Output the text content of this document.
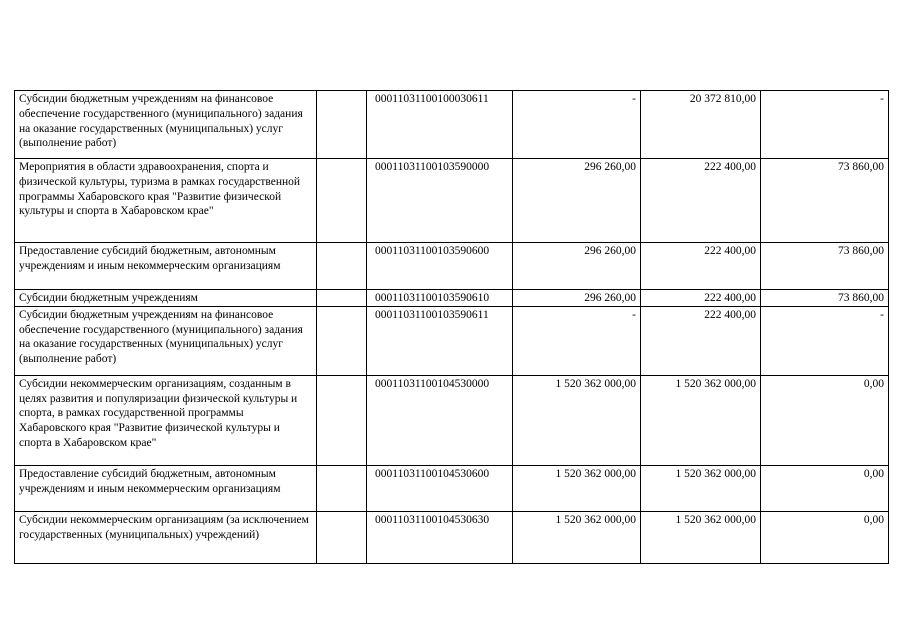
Субсидии бюджетным учреждениям на финансовое обеспечение государственного (муниципального) задания на оказание государственных (муниципальных) услуг (выполнение работ)		00011031100100030611	-	20 372 810,00	-
Мероприятия в области здравоохранения, спорта и физической культуры, туризма в рамках государственной программы Хабаровского края "Развитие физической культуры и спорта в Хабаровском крае"		00011031100103590000	296 260,00	222 400,00	73 860,00
Предоставление субсидий бюджетным, автономным учреждениям и иным некоммерческим организациям		00011031100103590600	296 260,00	222 400,00	73 860,00
Субсидии бюджетным учреждениям		00011031100103590610	296 260,00	222 400,00	73 860,00
Субсидии бюджетным учреждениям на финансовое обеспечение государственного (муниципального) задания на оказание государственных (муниципальных) услуг (выполнение работ)		00011031100103590611	-	222 400,00	-
Субсидии некоммерческим организациям, созданным в целях развития и популяризации физической культуры и спорта, в рамках государственной программы Хабаровского края "Развитие физической культуры и спорта в Хабаровском крае"		00011031100104530000	1 520 362 000,00	1 520 362 000,00	0,00
Предоставление субсидий бюджетным, автономным учреждениям и иным некоммерческим организациям		00011031100104530600	1 520 362 000,00	1 520 362 000,00	0,00
Субсидии некоммерческим организациям (за исключением государственных (муниципальных) учреждений)		00011031100104530630	1 520 362 000,00	1 520 362 000,00	0,00
